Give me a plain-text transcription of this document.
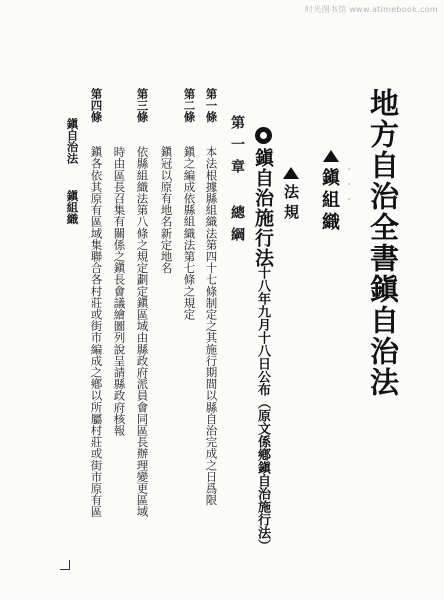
时光图书馆 www.atimebook.com
地方自治全書鎭自治法
鎭組織 ．．．
法規
鎭自治施行法
十八年九月十八日公布（原文係鄕鎭自治施行法）
第一章 總綱
第一條
本法根據縣組織法第四十七條制定之其施行期間以縣自治完成之日爲限
第二條
鎭之編成依縣組織法第七條之規定
鎭冠以原有地名新定地名
第三條
依縣組織法第八條之規定劃定鎭區域由縣政府派員會同區長辦理變更區域
時由區長召集有關係之鎭長會議繪圖列說呈請縣政府核報
第四條
鎭各依其原有區域集聯合各村莊或街市編成之鄕以所屬村莊或街市原有區
鎭自治法
鎭組織
